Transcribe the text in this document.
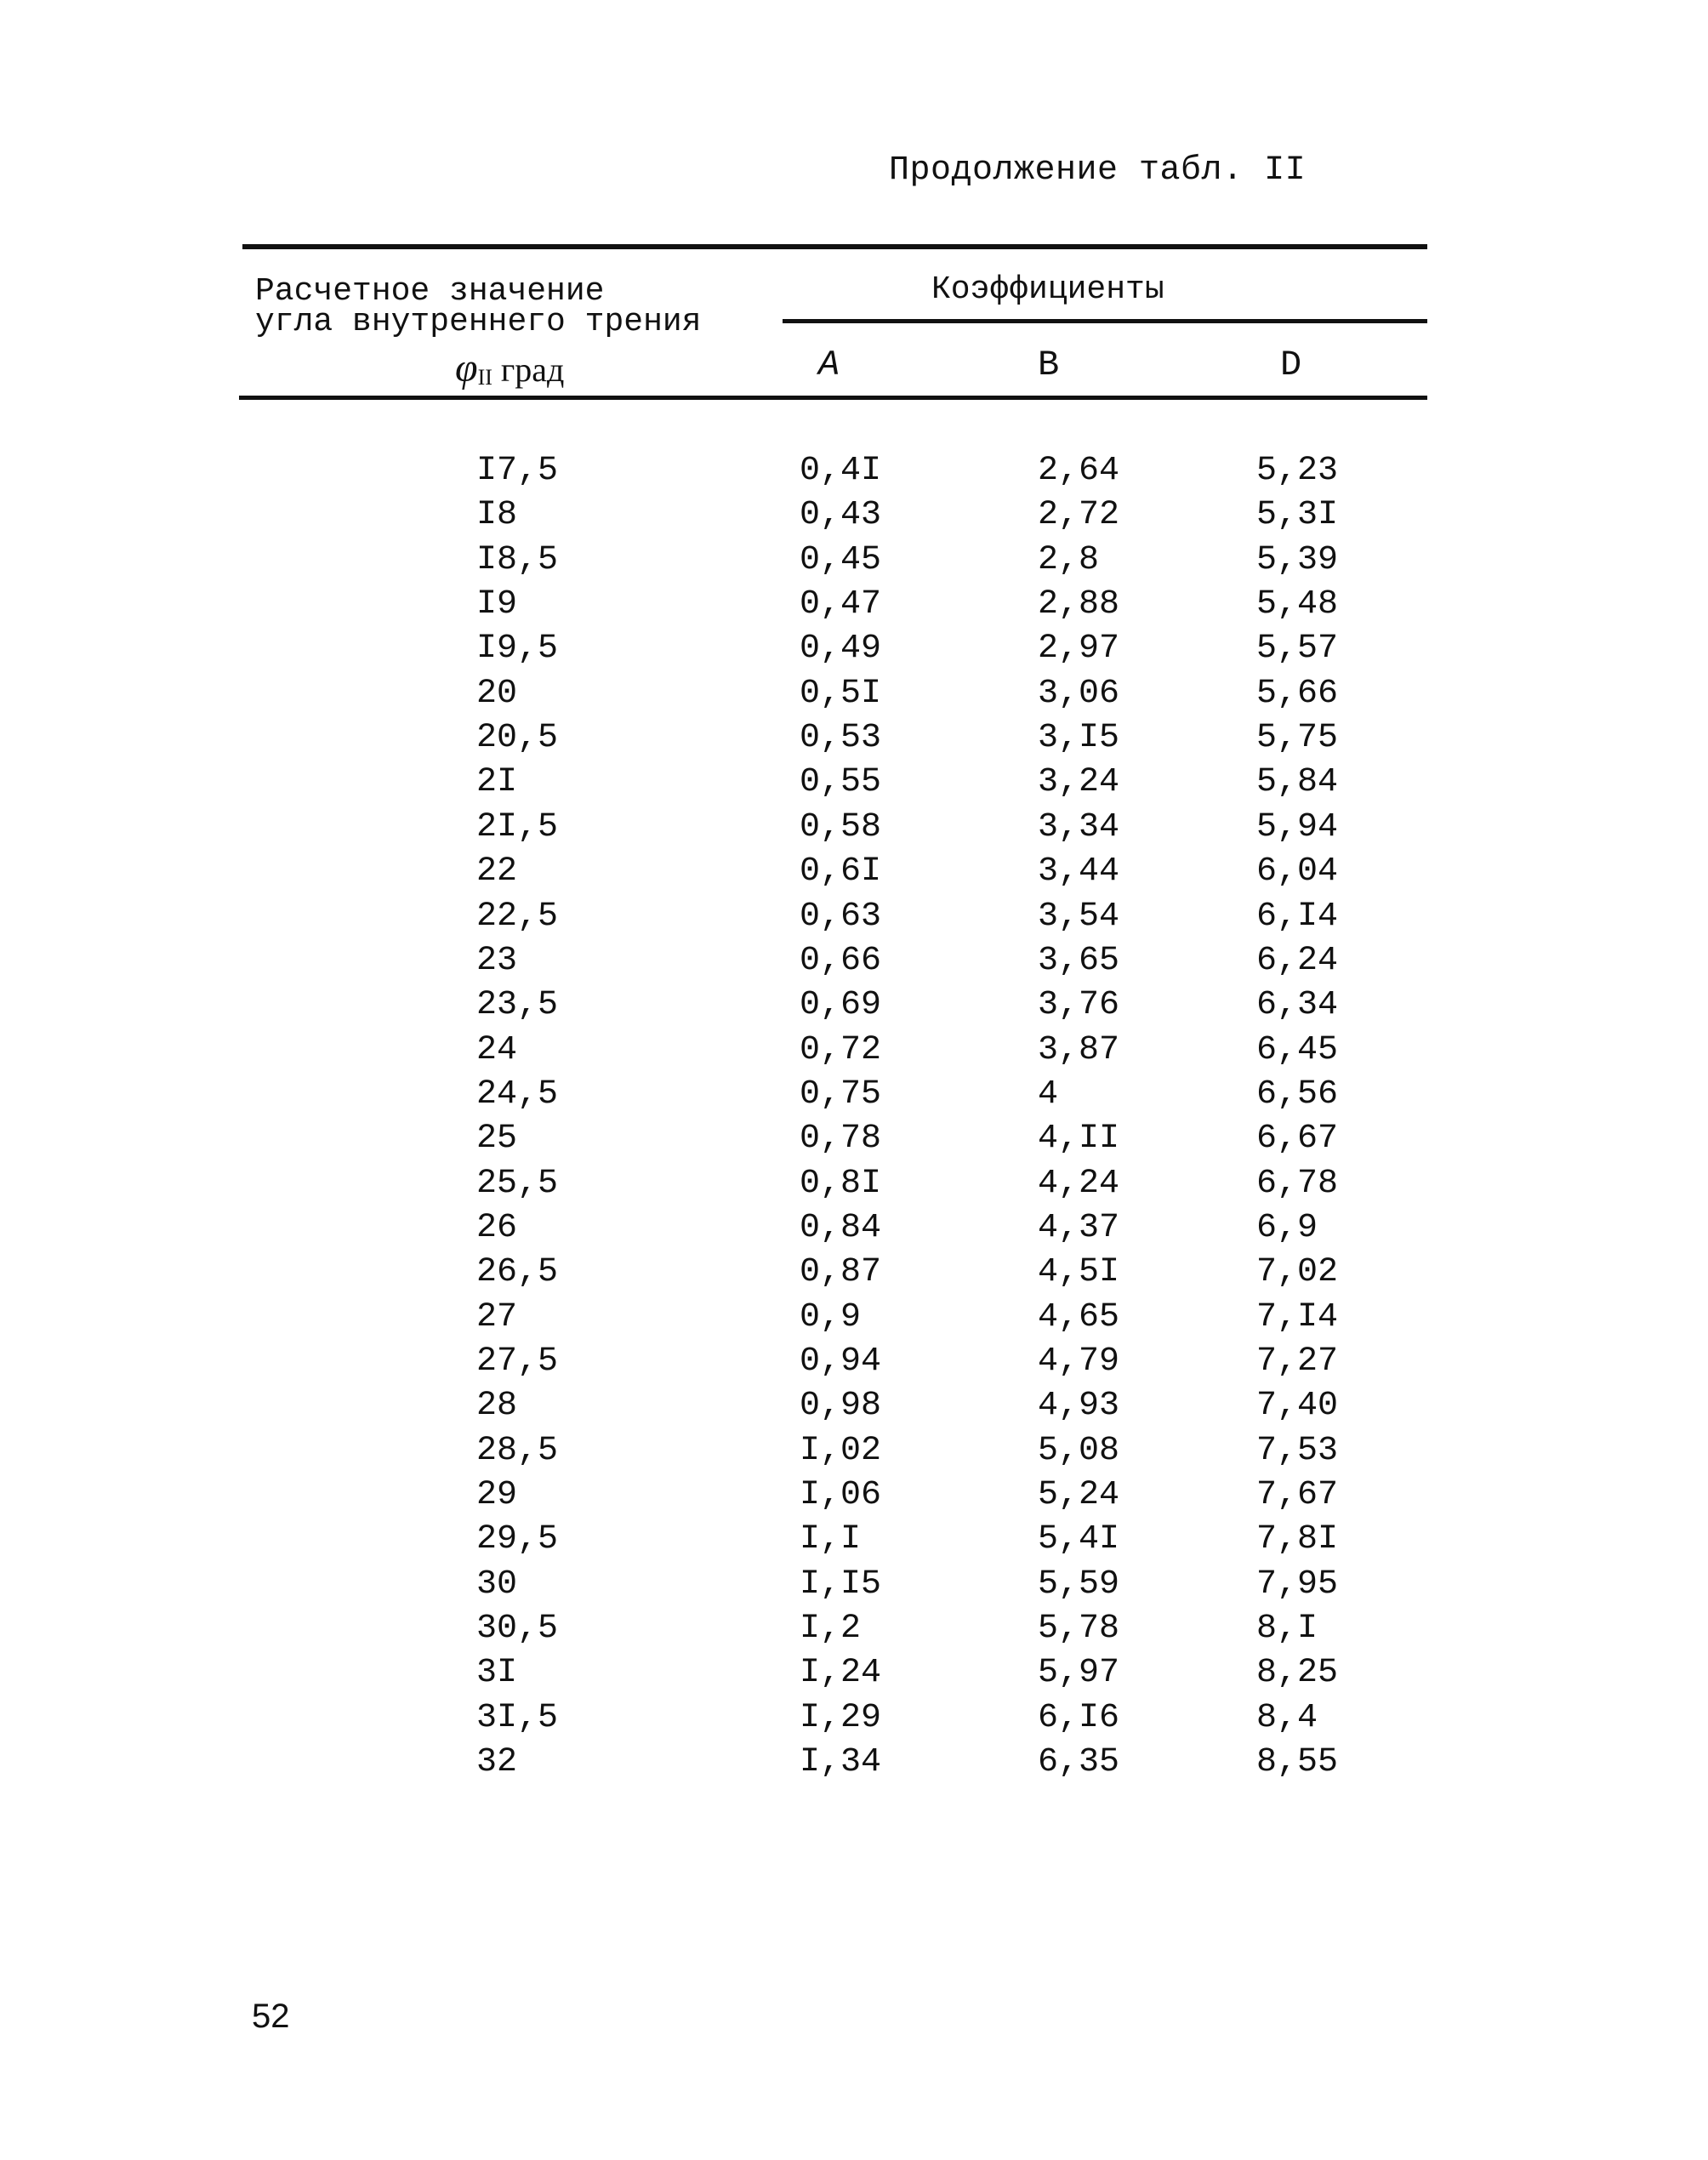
Продолжение табл. II
Расчетное значение
угла внутреннего трения
φII град
Коэффициенты
A	B	D
I7,5	0,4I	2,64	5,23
I8	0,43	2,72	5,3I
I8,5	0,45	2,8	5,39
I9	0,47	2,88	5,48
I9,5	0,49	2,97	5,57
20	0,5I	3,06	5,66
20,5	0,53	3,I5	5,75
2I	0,55	3,24	5,84
2I,5	0,58	3,34	5,94
22	0,6I	3,44	6,04
22,5	0,63	3,54	6,I4
23	0,66	3,65	6,24
23,5	0,69	3,76	6,34
24	0,72	3,87	6,45
24,5	0,75	4	6,56
25	0,78	4,II	6,67
25,5	0,8I	4,24	6,78
26	0,84	4,37	6,9
26,5	0,87	4,5I	7,02
27	0,9	4,65	7,I4
27,5	0,94	4,79	7,27
28	0,98	4,93	7,40
28,5	I,02	5,08	7,53
29	I,06	5,24	7,67
29,5	I,I	5,4I	7,8I
30	I,I5	5,59	7,95
30,5	I,2	5,78	8,I
3I	I,24	5,97	8,25
3I,5	I,29	6,I6	8,4
32	I,34	6,35	8,55
52
